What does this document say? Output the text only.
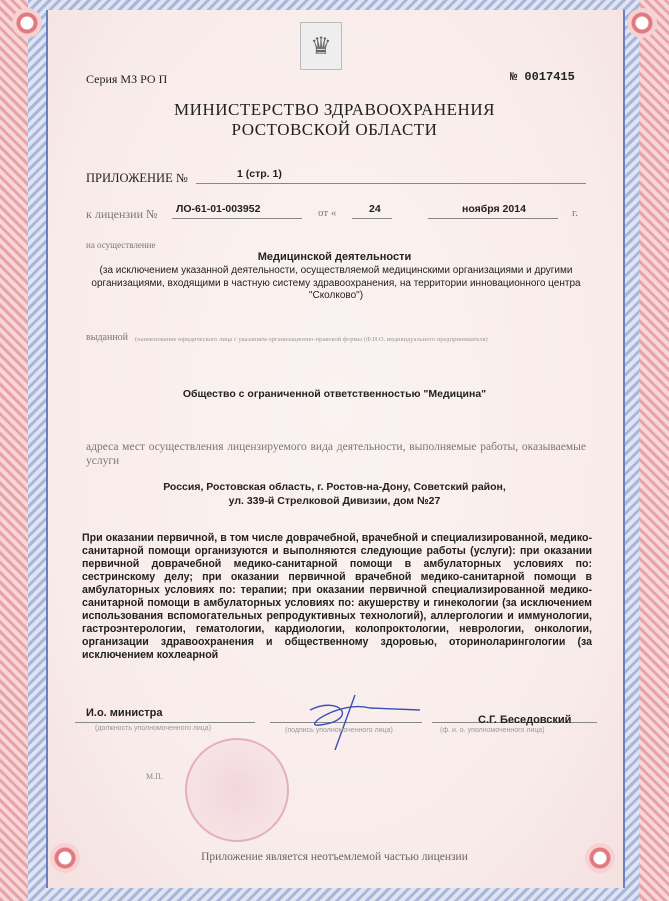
♛
Серия МЗ РО П	№ 0017415
МИНИСТЕРСТВО ЗДРАВООХРАНЕНИЯ
РОСТОВСКОЙ ОБЛАСТИ
ПРИЛОЖЕНИЕ №	1 (стр. 1)
к лицензии № ЛО-61-01-003952	от «	24	ноября 2014	г.
на осуществление
Медицинской деятельности
(за исключением указанной деятельности, осуществляемой медицинскими организациями и другими организациями, входящими в частную систему здравоохранения, на территории инновационного центра "Сколково")
выданной (наименование юридического лица с указанием организационно-правовой формы (Ф.И.О. индивидуального предпринимателя)
Общество с ограниченной ответственностью "Медицина"
адреса мест осуществления лицензируемого вида деятельности, выполняемые работы, оказываемые услуги
Россия, Ростовская область, г. Ростов-на-Дону, Советский район,
ул. 339-й Стрелковой Дивизии, дом №27
При оказании первичной, в том числе доврачебной, врачебной и специализированной, медико-санитарной помощи организуются и выполняются следующие работы (услуги): при оказании первичной доврачебной медико-санитарной помощи в амбулаторных условиях по: сестринскому делу; при оказании первичной врачебной медико-санитарной помощи в амбулаторных условиях по: терапии; при оказании первичной специализированной медико-санитарной помощи в амбулаторных условиях по: акушерству и гинекологии (за исключением использования вспомогательных репродуктивных технологий), аллергологии и иммунологии, гастроэнтерологии, гематологии, кардиологии, колопроктологии, неврологии, онкологии, организации здравоохранения и общественному здоровью, оториноларингологии (за исключением кохлеарной
И.о. министра
С.Г. Беседовский
(должность уполномоченного лица)	(подпись уполномоченного лица)	(ф. и. о. уполномоченного лица)
М.П.
Приложение является неотъемлемой частью лицензии
